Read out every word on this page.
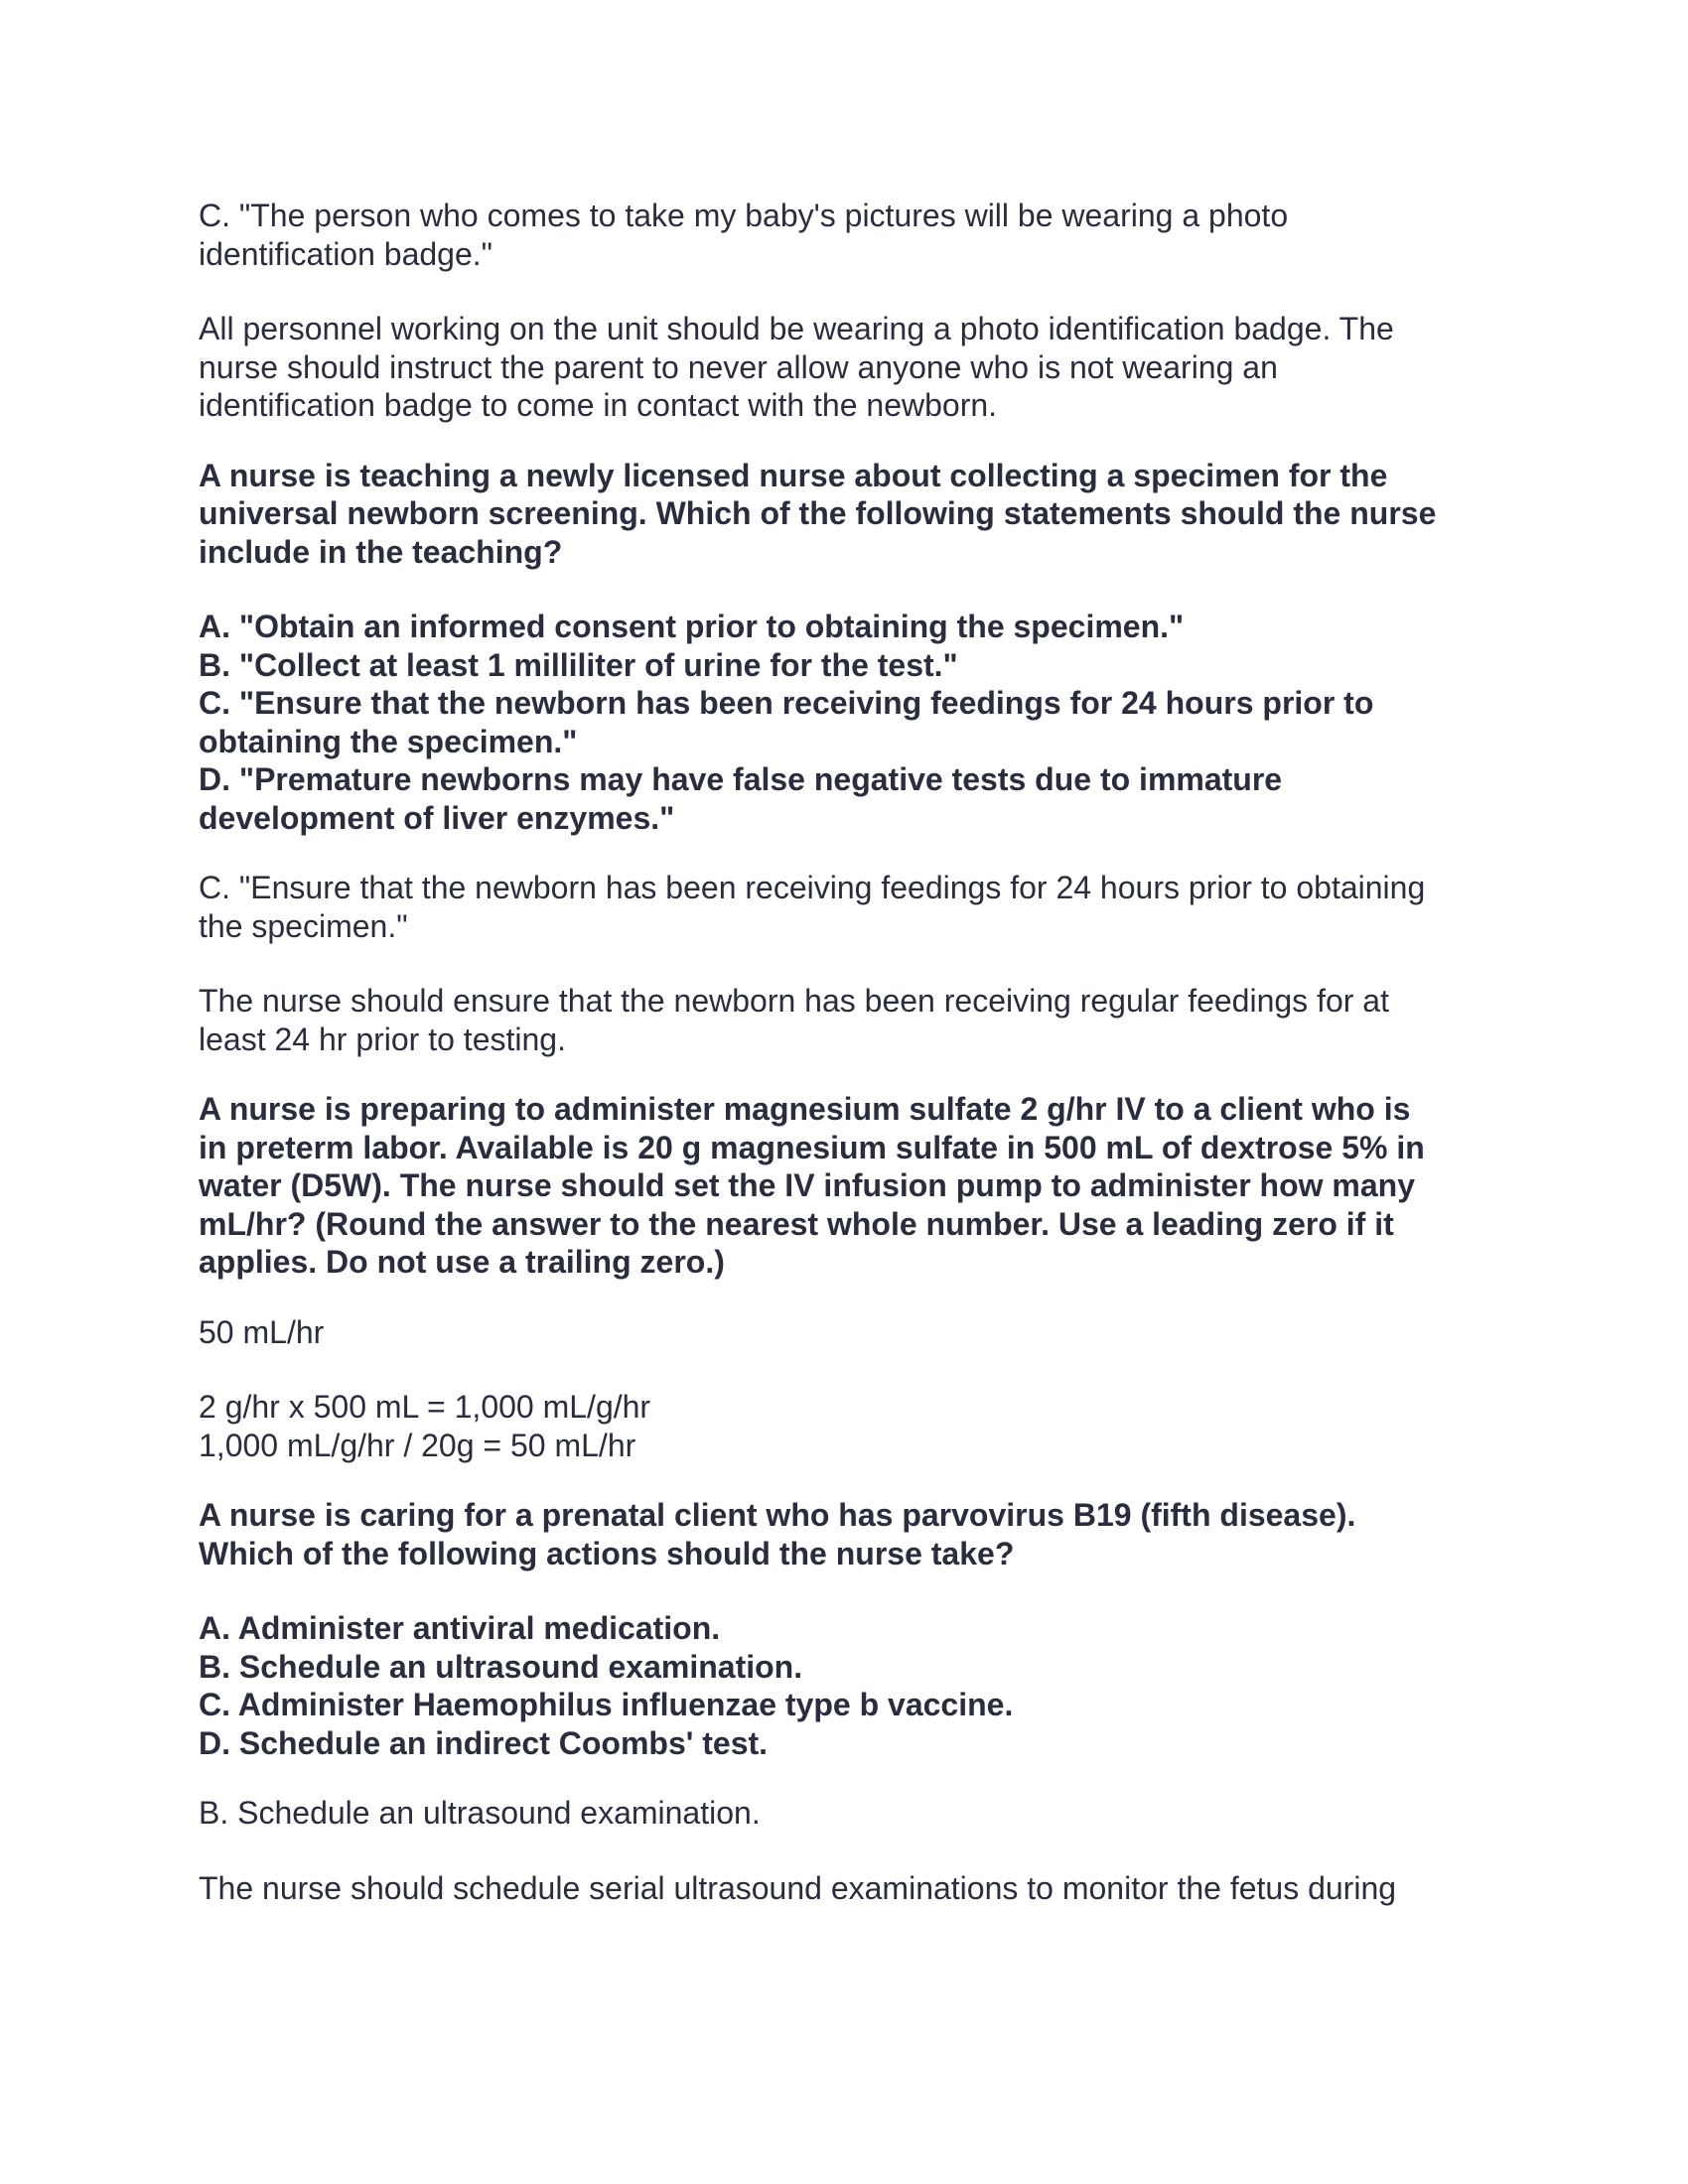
C. "The person who comes to take my baby's pictures will be wearing a photo
identification badge."

All personnel working on the unit should be wearing a photo identification badge. The
nurse should instruct the parent to never allow anyone who is not wearing an
identification badge to come in contact with the newborn.

A nurse is teaching a newly licensed nurse about collecting a specimen for the
universal newborn screening. Which of the following statements should the nurse
include in the teaching?

A. "Obtain an informed consent prior to obtaining the specimen."
B. "Collect at least 1 milliliter of urine for the test."
C. "Ensure that the newborn has been receiving feedings for 24 hours prior to
obtaining the specimen."
D. "Premature newborns may have false negative tests due to immature
development of liver enzymes."

C. "Ensure that the newborn has been receiving feedings for 24 hours prior to obtaining
the specimen."

The nurse should ensure that the newborn has been receiving regular feedings for at
least 24 hr prior to testing.

A nurse is preparing to administer magnesium sulfate 2 g/hr IV to a client who is
in preterm labor. Available is 20 g magnesium sulfate in 500 mL of dextrose 5% in
water (D5W). The nurse should set the IV infusion pump to administer how many
mL/hr? (Round the answer to the nearest whole number. Use a leading zero if it
applies. Do not use a trailing zero.)

50 mL/hr

2 g/hr x 500 mL = 1,000 mL/g/hr
1,000 mL/g/hr / 20g = 50 mL/hr

A nurse is caring for a prenatal client who has parvovirus B19 (fifth disease).
Which of the following actions should the nurse take?

A. Administer antiviral medication.
B. Schedule an ultrasound examination.
C. Administer Haemophilus influenzae type b vaccine.
D. Schedule an indirect Coombs' test.

B. Schedule an ultrasound examination.

The nurse should schedule serial ultrasound examinations to monitor the fetus during
